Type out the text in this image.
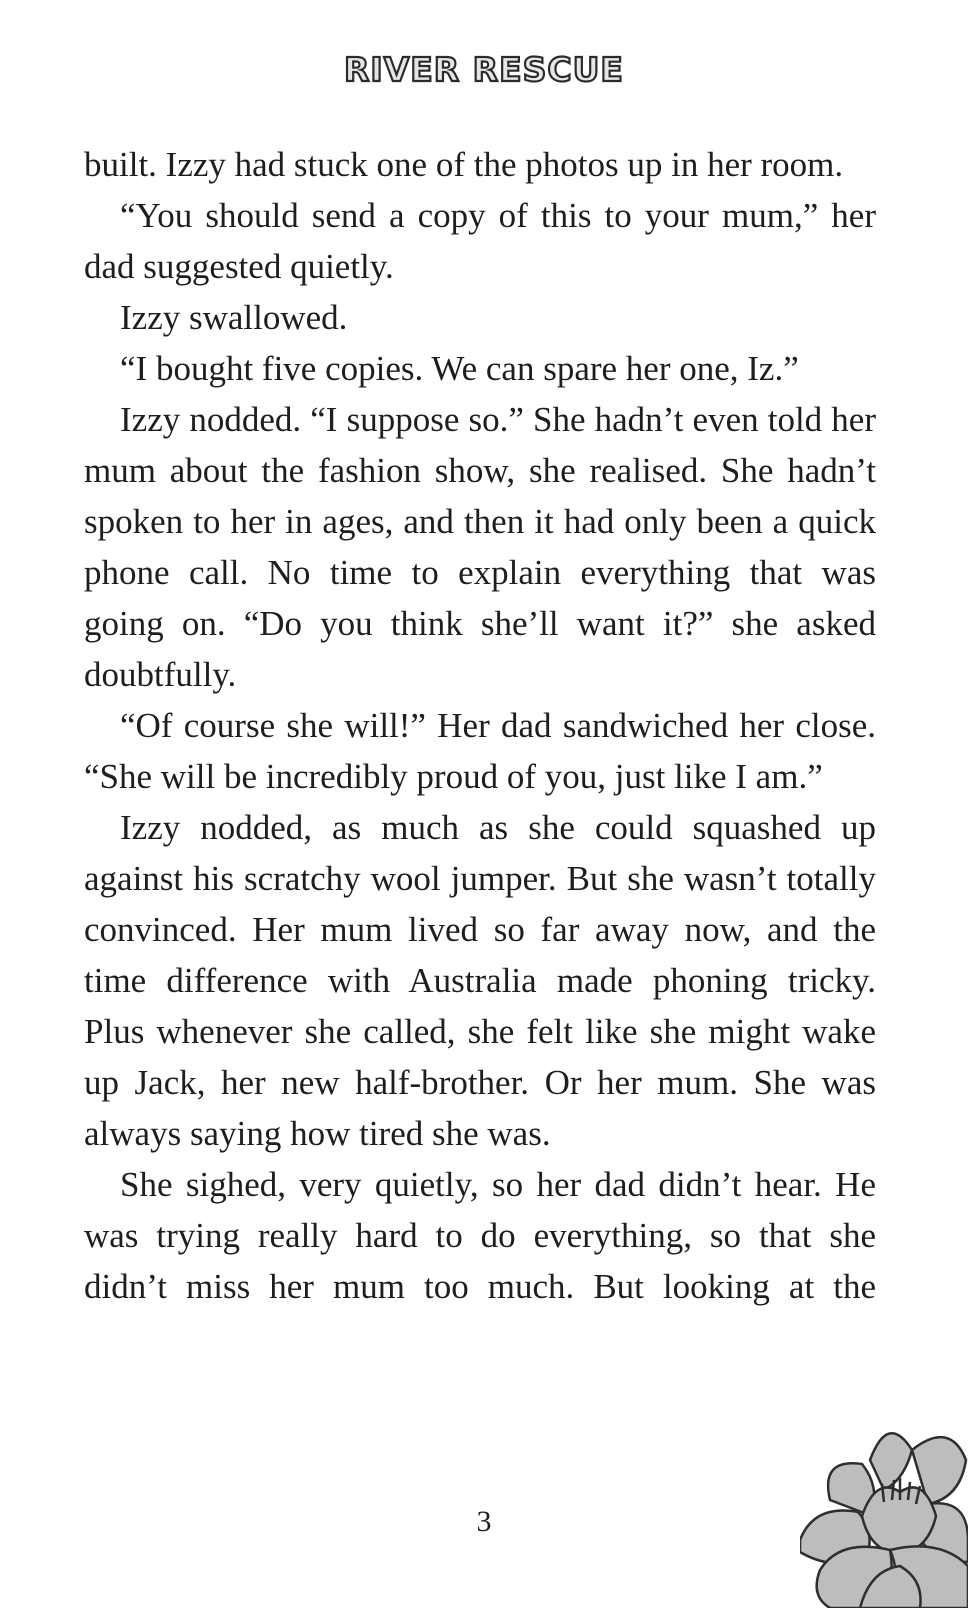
RIVER RESCUE

built. Izzy had stuck one of the photos up in her room.

“You should send a copy of this to your mum,” her dad suggested quietly.

Izzy swallowed.

“I bought five copies. We can spare her one, Iz.”

Izzy nodded. “I suppose so.” She hadn’t even told her mum about the fashion show, she realised. She hadn’t spoken to her in ages, and then it had only been a quick phone call. No time to explain everything that was going on. “Do you think she’ll want it?” she asked doubtfully.

“Of course she will!” Her dad sandwiched her close. “She will be incredibly proud of you, just like I am.”

Izzy nodded, as much as she could squashed up against his scratchy wool jumper. But she wasn’t totally convinced. Her mum lived so far away now, and the time difference with Australia made phoning tricky. Plus whenever she called, she felt like she might wake up Jack, her new half-brother. Or her mum. She was always saying how tired she was.

She sighed, very quietly, so her dad didn’t hear. He was trying really hard to do everything, so that she didn’t miss her mum too much. But looking at the

3
